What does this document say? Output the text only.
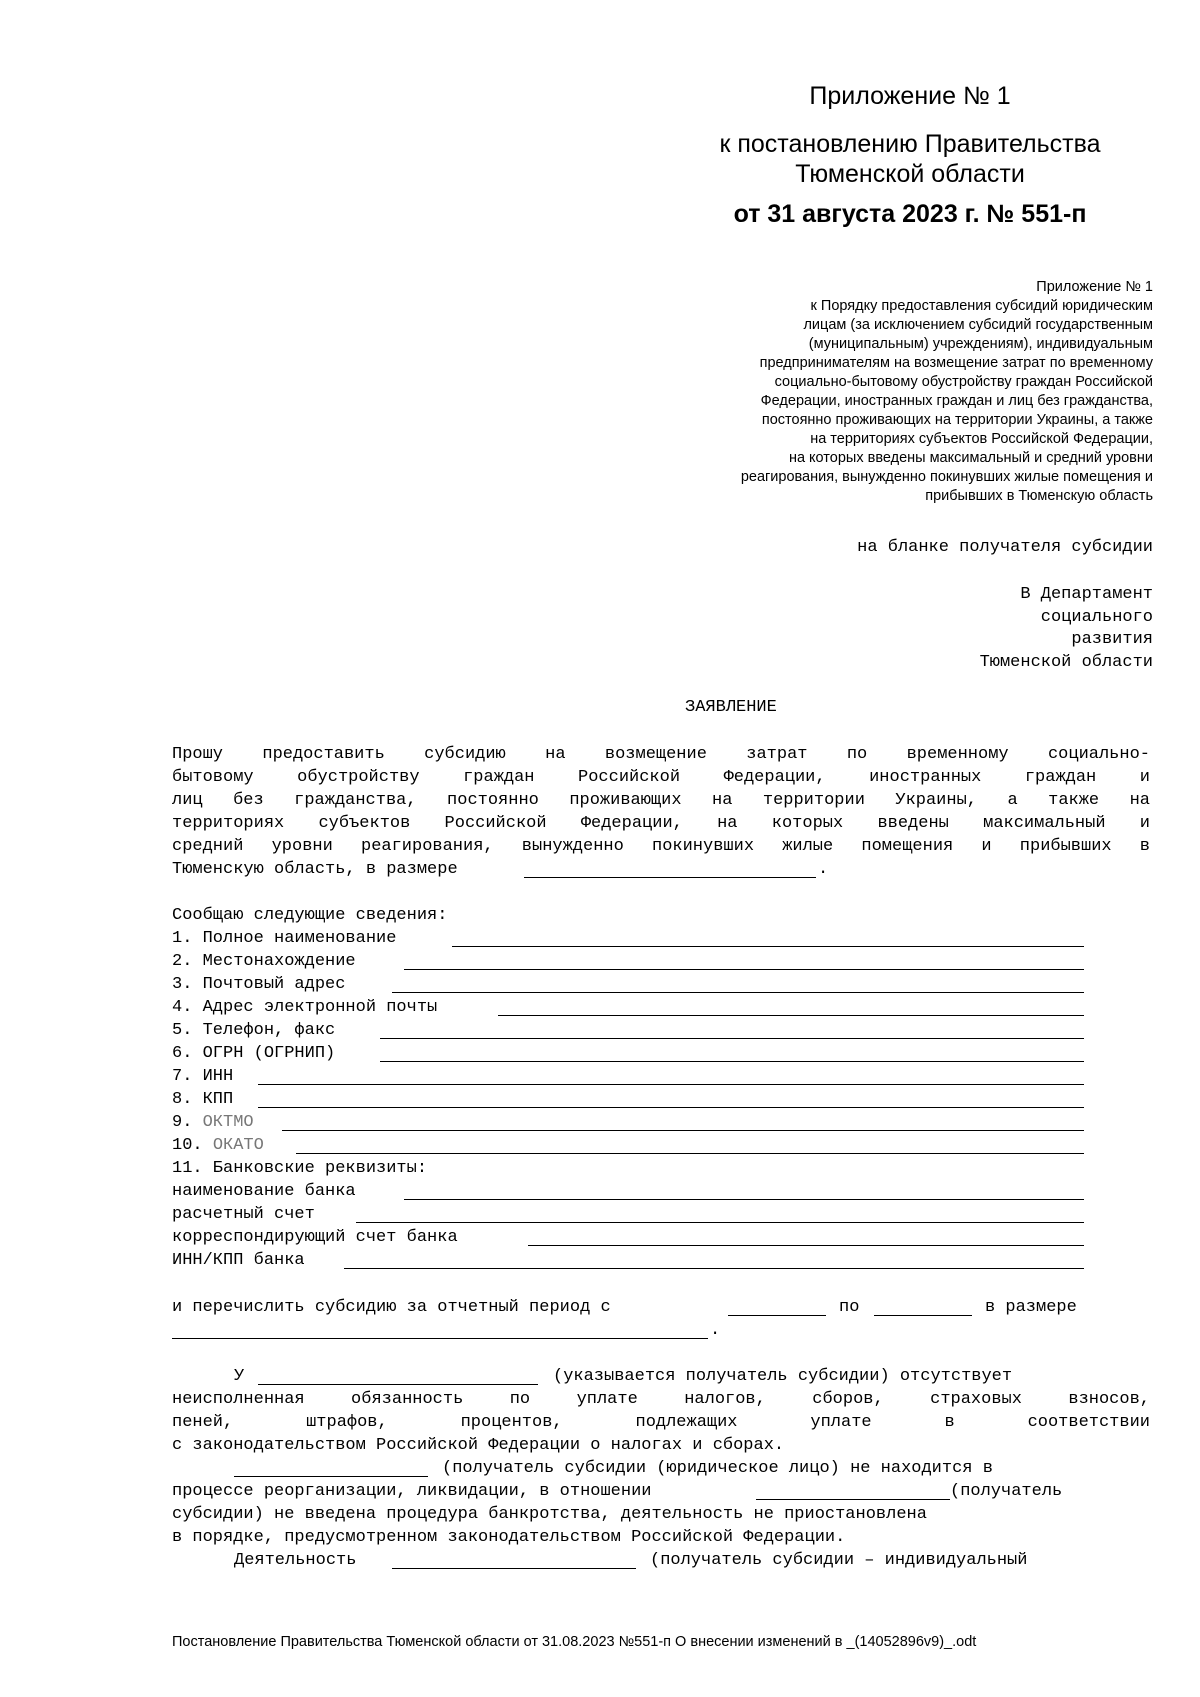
Приложение № 1
к постановлению Правительства
Тюменской области
от 31 августа 2023 г. № 551-п
Приложение № 1
к Порядку предоставления субсидий юридическим
лицам (за исключением субсидий государственным
(муниципальным) учреждениям), индивидуальным
предпринимателям на возмещение затрат по временному
социально-бытовому обустройству граждан Российской
Федерации, иностранных граждан и лиц без гражданства,
постоянно проживающих на территории Украины, а также
на территориях субъектов Российской Федерации,
на которых введены максимальный и средний уровни
реагирования, вынужденно покинувших жилые помещения и
прибывших в Тюменскую область
на бланке получателя субсидии
В Департамент
социального
развития
Тюменской области
ЗАЯВЛЕНИЕ
Прошу предоставить субсидию на возмещение затрат по временному социально-
бытовому обустройству граждан Российской Федерации, иностранных граждан и
лиц без гражданства, постоянно проживающих на территории Украины, а также на
территориях субъектов Российской Федерации, на которых введены максимальный и
средний уровни реагирования, вынужденно покинувших жилые помещения и прибывших в
Тюменскую область, в размере	.
Сообщаю следующие сведения:
1. Полное наименование
2. Местонахождение
3. Почтовый адрес
4. Адрес электронной почты
5. Телефон, факс
6. ОГРН (ОГРНИП)
7. ИНН
8. КПП
9. ОКТМО
10. ОКАТО
11. Банковские реквизиты:
наименование банка
расчетный счет
корреспондирующий счет банка
ИНН/КПП банка
и перечислить субсидию за отчетный период с	по	в размере
.
У	(указывается получатель субсидии) отсутствует
неисполненная обязанность по уплате налогов, сборов, страховых взносов,
пеней, штрафов, процентов, подлежащих уплате в соответствии
с законодательством Российской Федерации о налогах и сборах.
(получатель субсидии (юридическое лицо) не находится в
процессе реорганизации, ликвидации, в отношении	(получатель
субсидии) не введена процедура банкротства, деятельность не приостановлена
в порядке, предусмотренном законодательством Российской Федерации.
Деятельность	(получатель субсидии – индивидуальный
Постановление Правительства Тюменской области от 31.08.2023 №551-п О внесении изменений в _(14052896v9)_.odt
